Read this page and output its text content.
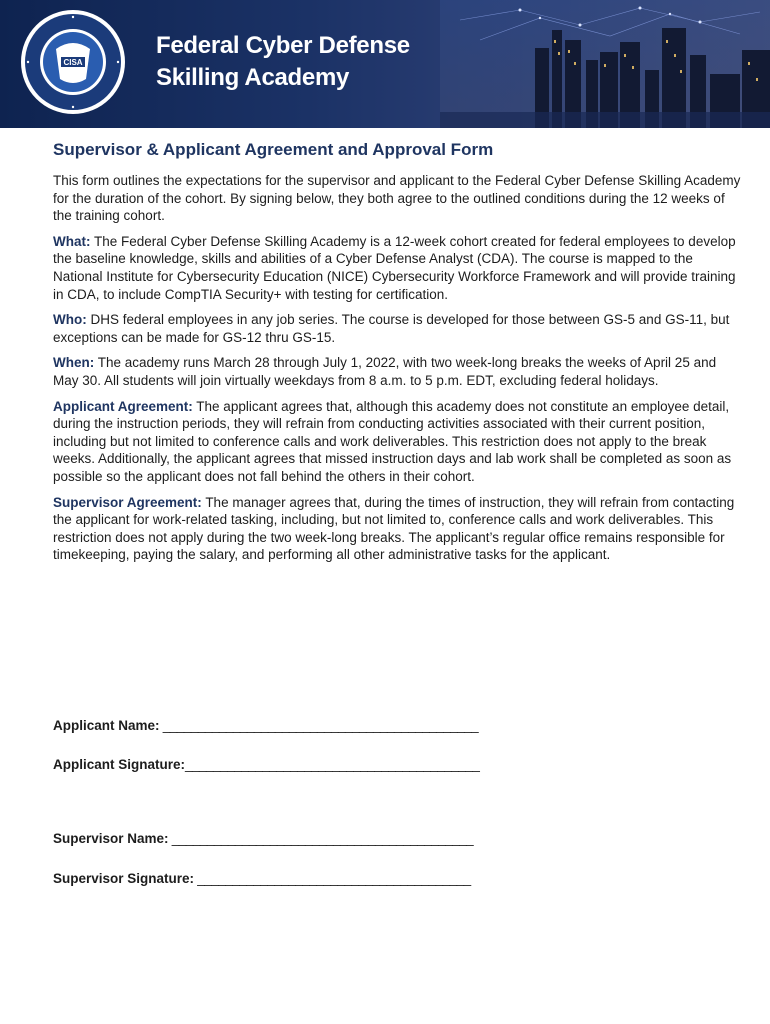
CISA
Federal Cyber Defense
Skilling Academy
Supervisor & Applicant Agreement and Approval Form

This form outlines the expectations for the supervisor and applicant to the Federal Cyber Defense Skilling Academy for the duration of the cohort. By signing below, they both agree to the outlined conditions during the 12 weeks of the training cohort.

What: The Federal Cyber Defense Skilling Academy is a 12-week cohort created for federal employees to develop the baseline knowledge, skills and abilities of a Cyber Defense Analyst (CDA). The course is mapped to the National Institute for Cybersecurity Education (NICE) Cybersecurity Workforce Framework and will provide training in CDA, to include CompTIA Security+ with testing for certification.

Who: DHS federal employees in any job series. The course is developed for those between GS-5 and GS-11, but exceptions can be made for GS-12 thru GS-15.

When: The academy runs March 28 through July 1, 2022, with two week-long breaks the weeks of April 25 and May 30. All students will join virtually weekdays from 8 a.m. to 5 p.m. EDT, excluding federal holidays.

Applicant Agreement: The applicant agrees that, although this academy does not constitute an employee detail, during the instruction periods, they will refrain from conducting activities associated with their current position, including but not limited to conference calls and work deliverables. This restriction does not apply to the break weeks. Additionally, the applicant agrees that missed instruction days and lab work shall be completed as soon as possible so the applicant does not fall behind the others in their cohort.

Supervisor Agreement: The manager agrees that, during the times of instruction, they will refrain from contacting the applicant for work-related tasking, including, but not limited to, conference calls and work deliverables. This restriction does not apply during the two week-long breaks. The applicant’s regular office remains responsible for timekeeping, paying the salary, and performing all other administrative tasks for the applicant.

Applicant Name: _____________________________________________
Applicant Signature:__________________________________________
Supervisor Name: ___________________________________________
Supervisor Signature: _______________________________________
